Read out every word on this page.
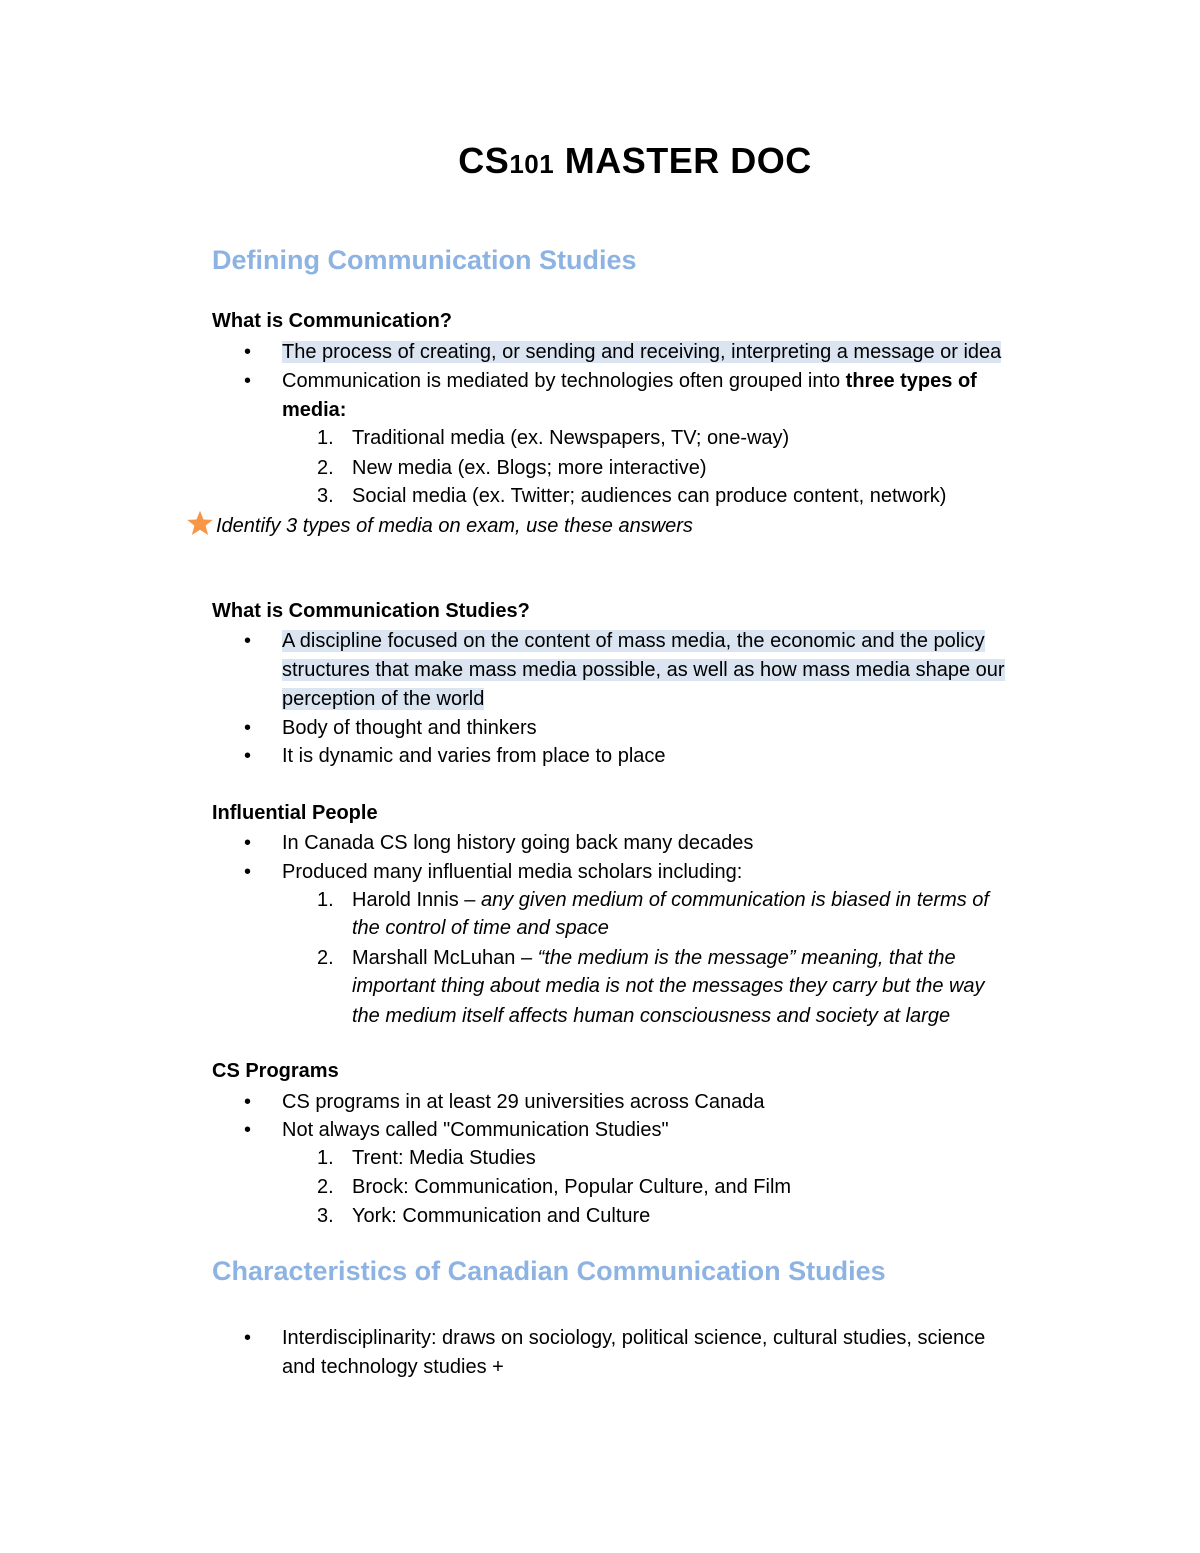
CS101 MASTER DOC
Defining Communication Studies
What is Communication?
• The process of creating, or sending and receiving, interpreting a message or idea
• Communication is mediated by technologies often grouped into three types of
media:
1. Traditional media (ex. Newspapers, TV; one-way)
2. New media (ex. Blogs; more interactive)
3. Social media (ex. Twitter; audiences can produce content, network)
Identify 3 types of media on exam, use these answers
What is Communication Studies?
• A discipline focused on the content of mass media, the economic and the policy
structures that make mass media possible, as well as how mass media shape our
perception of the world
• Body of thought and thinkers
• It is dynamic and varies from place to place
Influential People
• In Canada CS long history going back many decades
• Produced many influential media scholars including:
1. Harold Innis – any given medium of communication is biased in terms of
the control of time and space
2. Marshall McLuhan – “the medium is the message” meaning, that the
important thing about media is not the messages they carry but the way
the medium itself affects human consciousness and society at large
CS Programs
• CS programs in at least 29 universities across Canada
• Not always called "Communication Studies"
1. Trent: Media Studies
2. Brock: Communication, Popular Culture, and Film
3. York: Communication and Culture
Characteristics of Canadian Communication Studies
• Interdisciplinarity: draws on sociology, political science, cultural studies, science
and technology studies +
